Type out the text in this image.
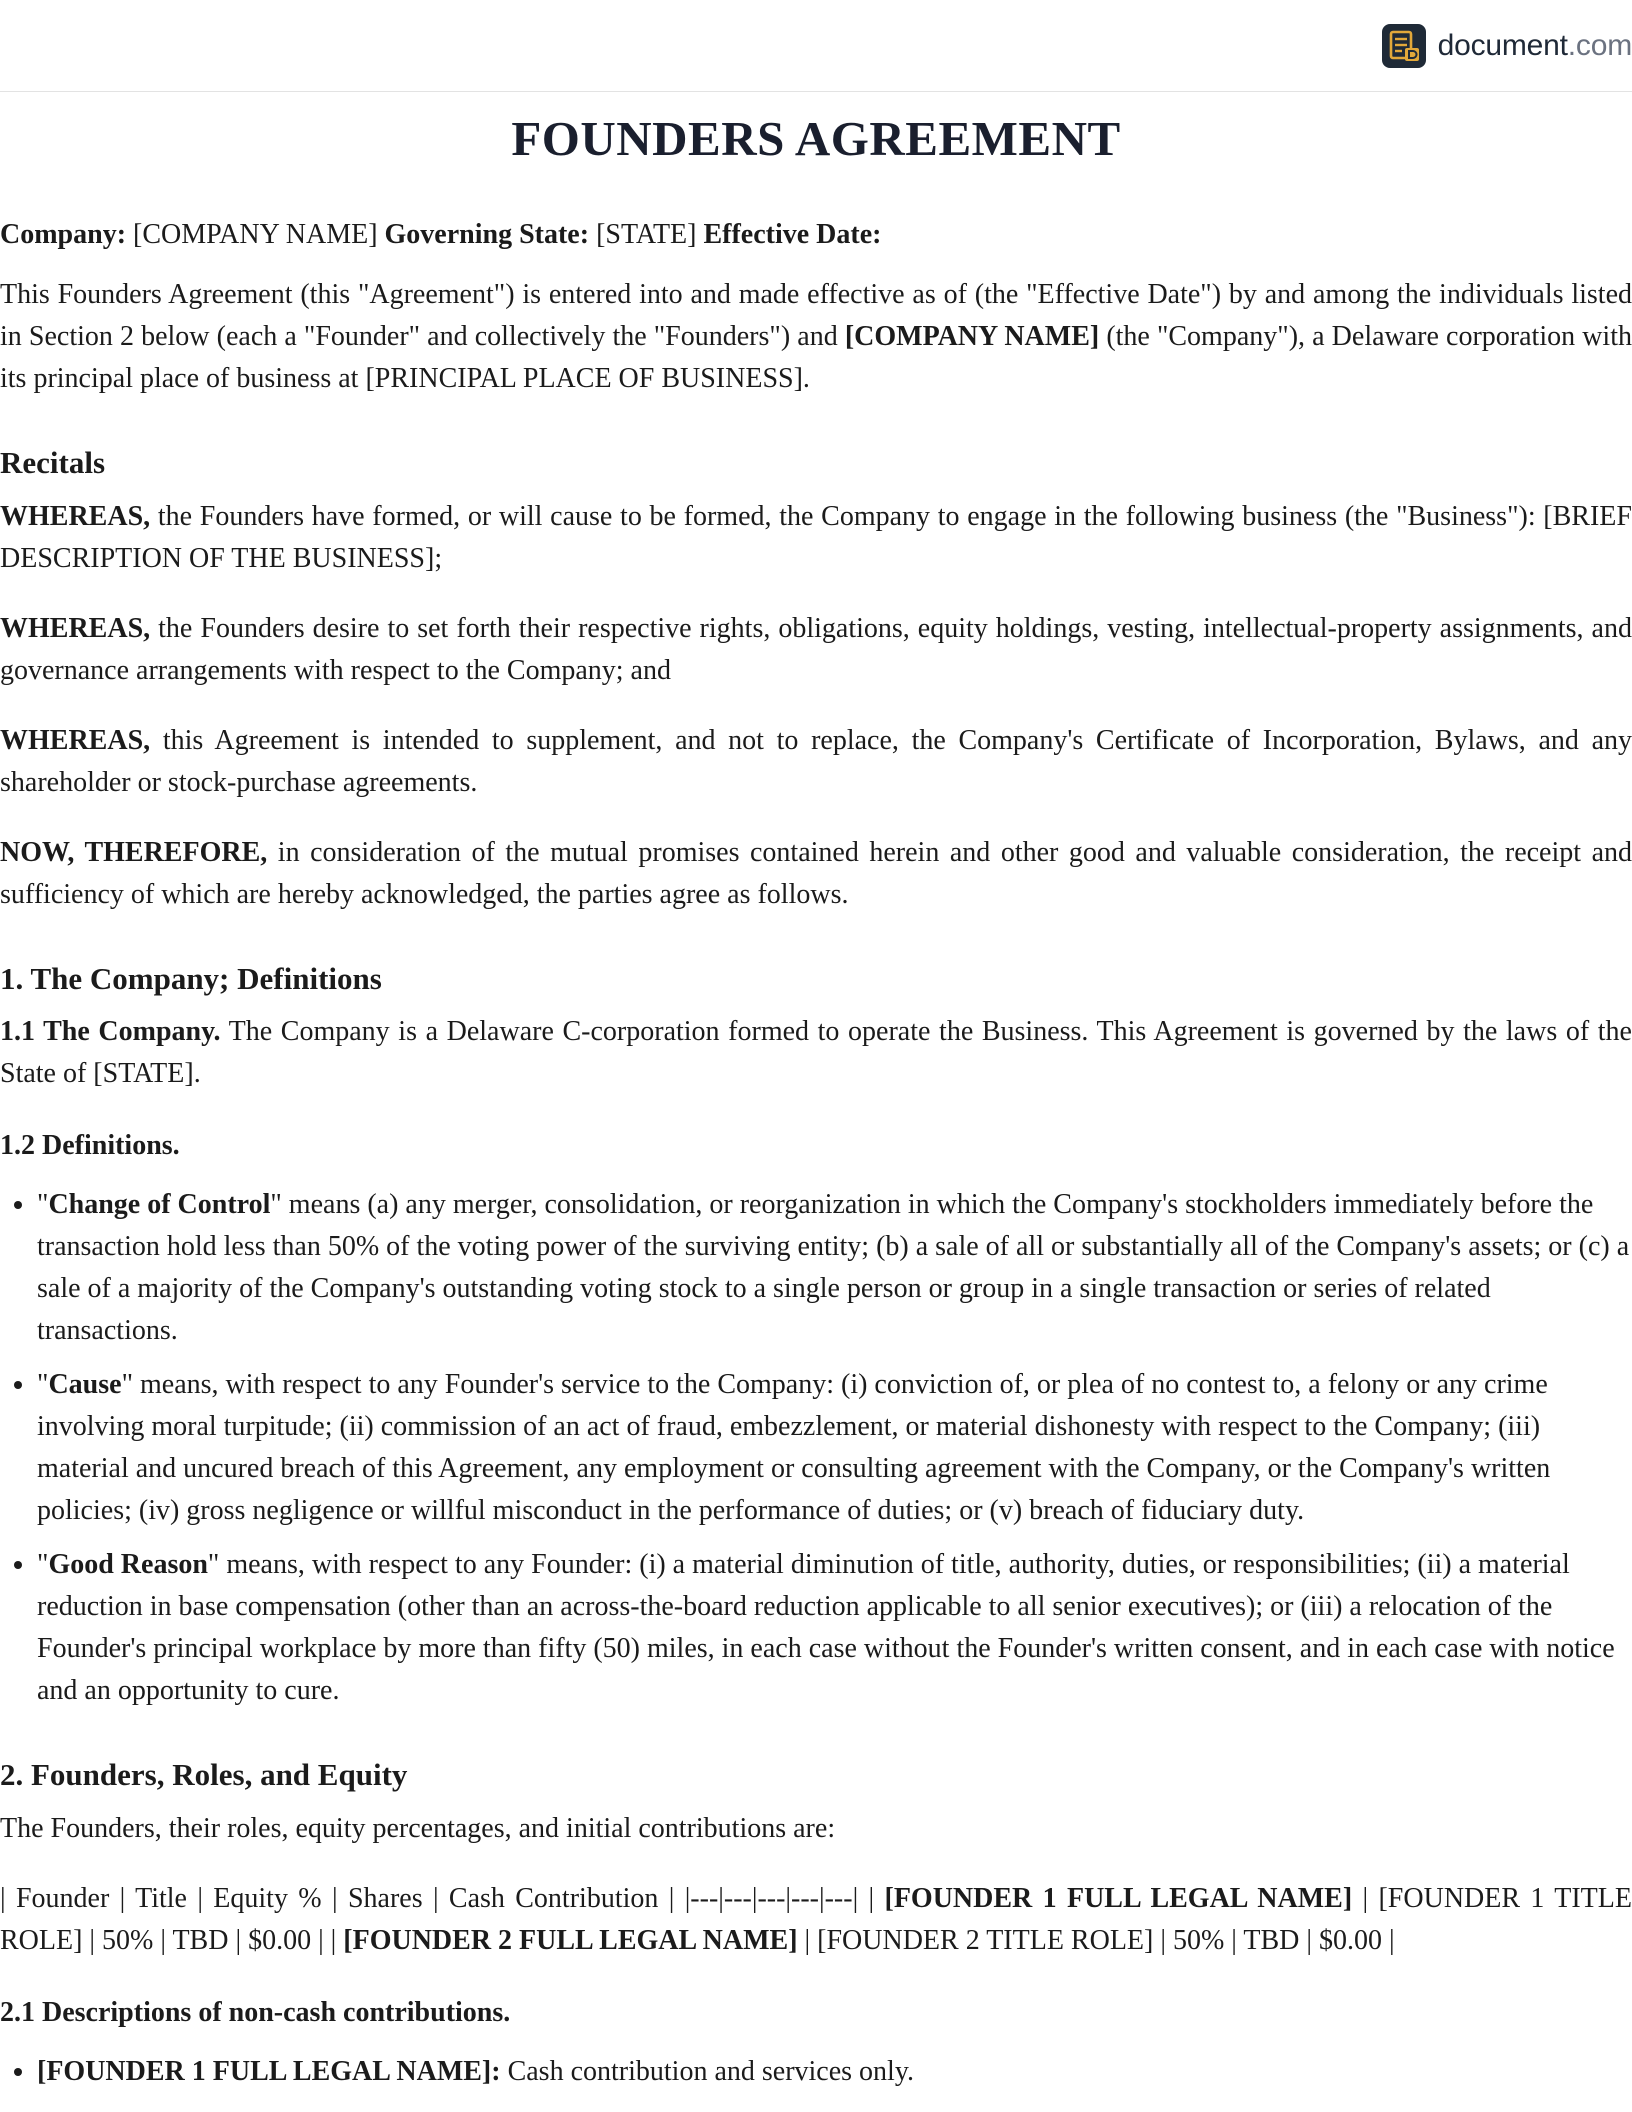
document.com
FOUNDERS AGREEMENT

Company: [COMPANY NAME] Governing State: [STATE] Effective Date:

This Founders Agreement (this "Agreement") is entered into and made effective as of (the "Effective Date") by and among the individuals listed in Section 2 below (each a "Founder" and collectively the "Founders") and [COMPANY NAME] (the "Company"), a Delaware corporation with its principal place of business at [PRINCIPAL PLACE OF BUSINESS].

Recitals

WHEREAS, the Founders have formed, or will cause to be formed, the Company to engage in the following business (the "Business"): [BRIEF DESCRIPTION OF THE BUSINESS];

WHEREAS, the Founders desire to set forth their respective rights, obligations, equity holdings, vesting, intellectual-property assignments, and governance arrangements with respect to the Company; and

WHEREAS, this Agreement is intended to supplement, and not to replace, the Company's Certificate of Incorporation, Bylaws, and any shareholder or stock-purchase agreements.

NOW, THEREFORE, in consideration of the mutual promises contained herein and other good and valuable consideration, the receipt and sufficiency of which are hereby acknowledged, the parties agree as follows.

1. The Company; Definitions

1.1 The Company. The Company is a Delaware C-corporation formed to operate the Business. This Agreement is governed by the laws of the State of [STATE].

1.2 Definitions.

• "Change of Control" means (a) any merger, consolidation, or reorganization in which the Company's stockholders immediately before the transaction hold less than 50% of the voting power of the surviving entity; (b) a sale of all or substantially all of the Company's assets; or (c) a sale of a majority of the Company's outstanding voting stock to a single person or group in a single transaction or series of related transactions.
• "Cause" means, with respect to any Founder's service to the Company: (i) conviction of, or plea of no contest to, a felony or any crime involving moral turpitude; (ii) commission of an act of fraud, embezzlement, or material dishonesty with respect to the Company; (iii) material and uncured breach of this Agreement, any employment or consulting agreement with the Company, or the Company's written policies; (iv) gross negligence or willful misconduct in the performance of duties; or (v) breach of fiduciary duty.
• "Good Reason" means, with respect to any Founder: (i) a material diminution of title, authority, duties, or responsibilities; (ii) a material reduction in base compensation (other than an across-the-board reduction applicable to all senior executives); or (iii) a relocation of the Founder's principal workplace by more than fifty (50) miles, in each case without the Founder's written consent, and in each case with notice and an opportunity to cure.
2. Founders, Roles, and Equity

The Founders, their roles, equity percentages, and initial contributions are:

| Founder | Title | Equity % | Shares | Cash Contribution | |---|---|---|---|---| | [FOUNDER 1 FULL LEGAL NAME] | [FOUNDER 1 TITLE ROLE] | 50% | TBD | $0.00 | | [FOUNDER 2 FULL LEGAL NAME] | [FOUNDER 2 TITLE ROLE] | 50% | TBD | $0.00 |

2.1 Descriptions of non-cash contributions.

• [FOUNDER 1 FULL LEGAL NAME]: Cash contribution and services only.
